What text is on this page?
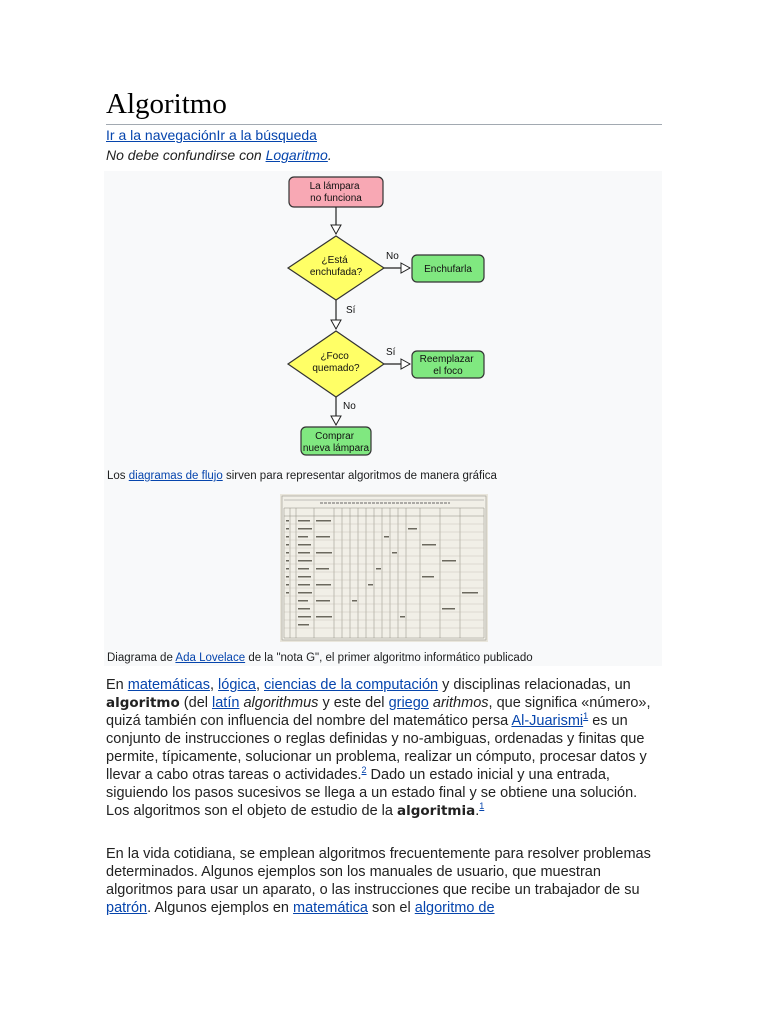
Algoritmo
Ir a la navegaciónIr a la búsqueda
No debe confundirse con Logaritmo.
La lámpara no funciona
¿Está enchufada?
No
Enchufarla
Sí
¿Foco quemado?
Sí
Reemplazar el foco
No
Comprar nueva lámpara
Los diagramas de flujo sirven para representar algoritmos de manera gráfica
Diagrama de Ada Lovelace de la "nota G", el primer algoritmo informático publicado

En matemáticas, lógica, ciencias de la computación y disciplinas relacionadas, un algoritmo (del latín algorithmus y este del griego arithmos, que significa «número», quizá también con influencia del nombre del matemático persa Al-Juarismi$^1$ es un conjunto de instrucciones o reglas definidas y no-ambiguas, ordenadas y finitas que permite, típicamente, solucionar un problema, realizar un cómputo, procesar datos y llevar a cabo otras tareas o actividades.$^2$ Dado un estado inicial y una entrada, siguiendo los pasos sucesivos se llega a un estado final y se obtiene una solución. Los algoritmos son el objeto de estudio de la algoritmia.$^1$

En la vida cotidiana, se emplean algoritmos frecuentemente para resolver problemas determinados. Algunos ejemplos son los manuales de usuario, que muestran algoritmos para usar un aparato, o las instrucciones que recibe un trabajador de su patrón. Algunos ejemplos en matemática son el algoritmo de
